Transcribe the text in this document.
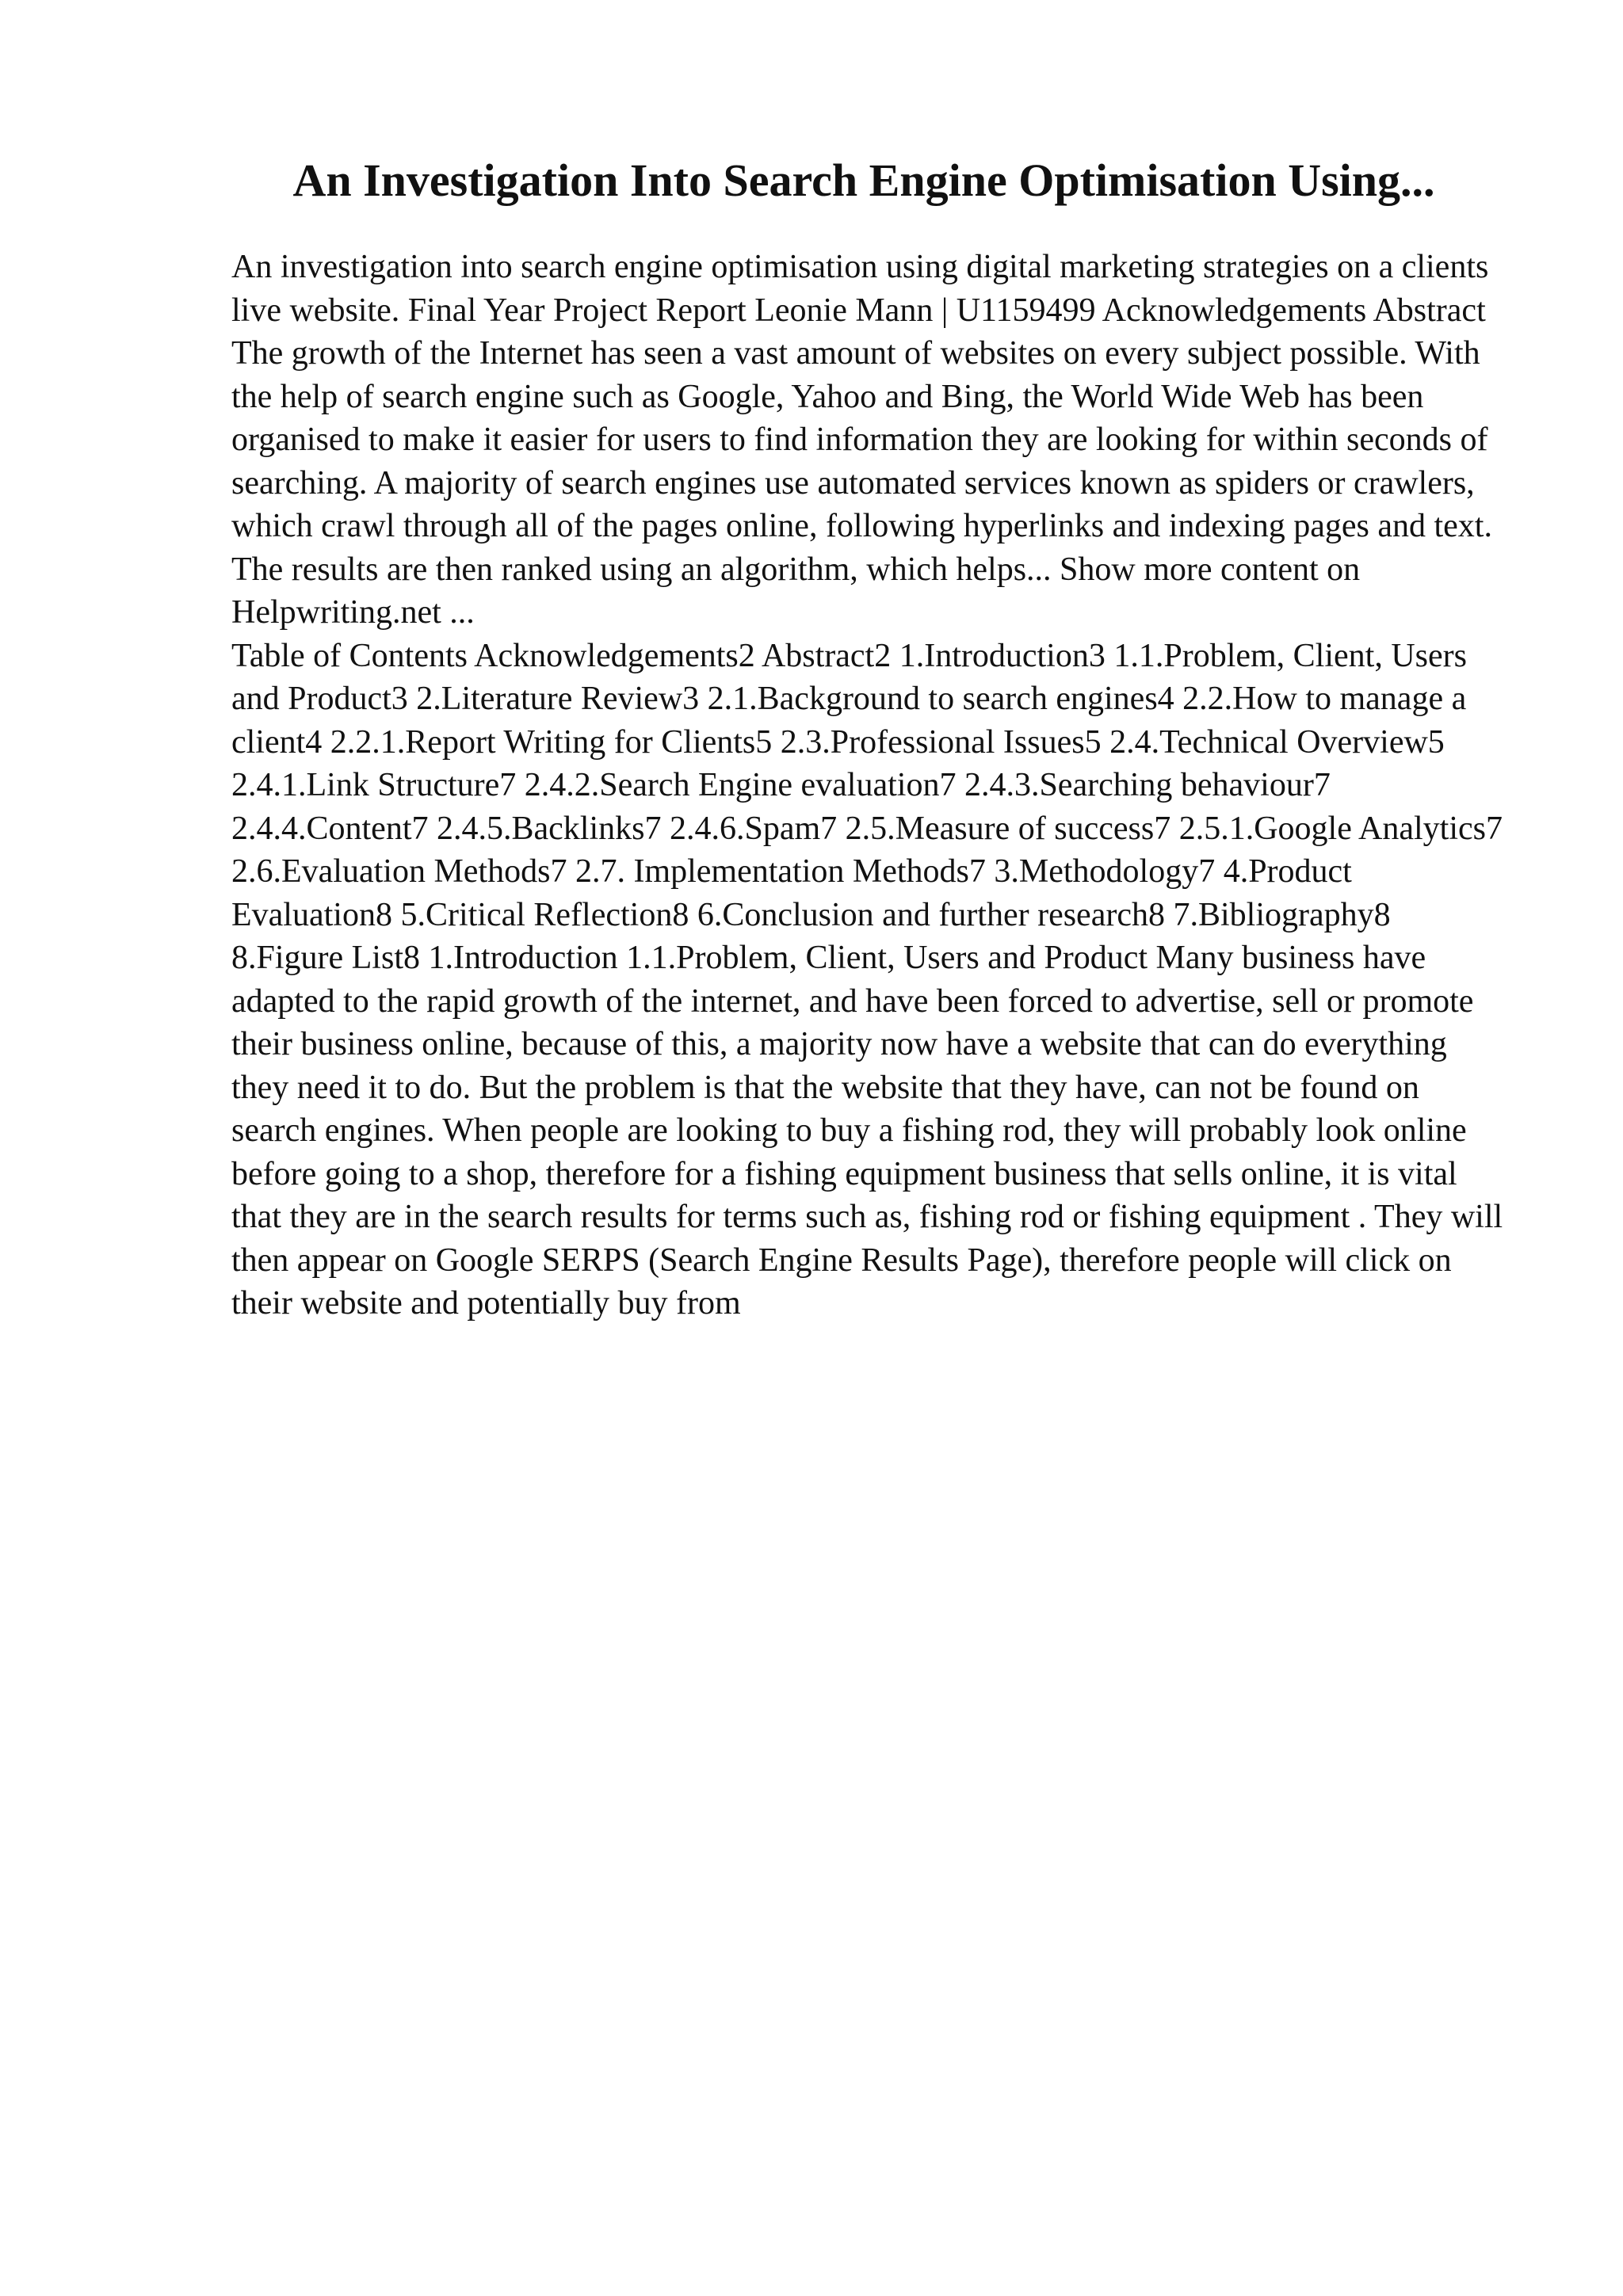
An Investigation Into Search Engine Optimisation Using...

An investigation into search engine optimisation using digital marketing strategies on a clients live website. Final Year Project Report Leonie Mann | U1159499 Acknowledgements Abstract The growth of the Internet has seen a vast amount of websites on every subject possible. With the help of search engine such as Google, Yahoo and Bing, the World Wide Web has been organised to make it easier for users to find information they are looking for within seconds of searching. A majority of search engines use automated services known as spiders or crawlers, which crawl through all of the pages online, following hyperlinks and indexing pages and text. The results are then ranked using an algorithm, which helps... Show more content on Helpwriting.net ...

Table of Contents Acknowledgements2 Abstract2 1.Introduction3 1.1.Problem, Client, Users and Product3 2.Literature Review3 2.1.Background to search engines4 2.2.How to manage a client4 2.2.1.Report Writing for Clients5 2.3.Professional Issues5 2.4.Technical Overview5 2.4.1.Link Structure7 2.4.2.Search Engine evaluation7 2.4.3.Searching behaviour7 2.4.4.Content7 2.4.5.Backlinks7 2.4.6.Spam7 2.5.Measure of success7 2.5.1.Google Analytics7 2.6.Evaluation Methods7 2.7. Implementation Methods7 3.Methodology7 4.Product Evaluation8 5.Critical Reflection8 6.Conclusion and further research8 7.Bibliography8 8.Figure List8 1.Introduction 1.1.Problem, Client, Users and Product Many business have adapted to the rapid growth of the internet, and have been forced to advertise, sell or promote their business online, because of this, a majority now have a website that can do everything they need it to do. But the problem is that the website that they have, can not be found on search engines. When people are looking to buy a fishing rod, they will probably look online before going to a shop, therefore for a fishing equipment business that sells online, it is vital that they are in the search results for terms such as, fishing rod or fishing equipment . They will then appear on Google SERPS (Search Engine Results Page), therefore people will click on their website and potentially buy from
